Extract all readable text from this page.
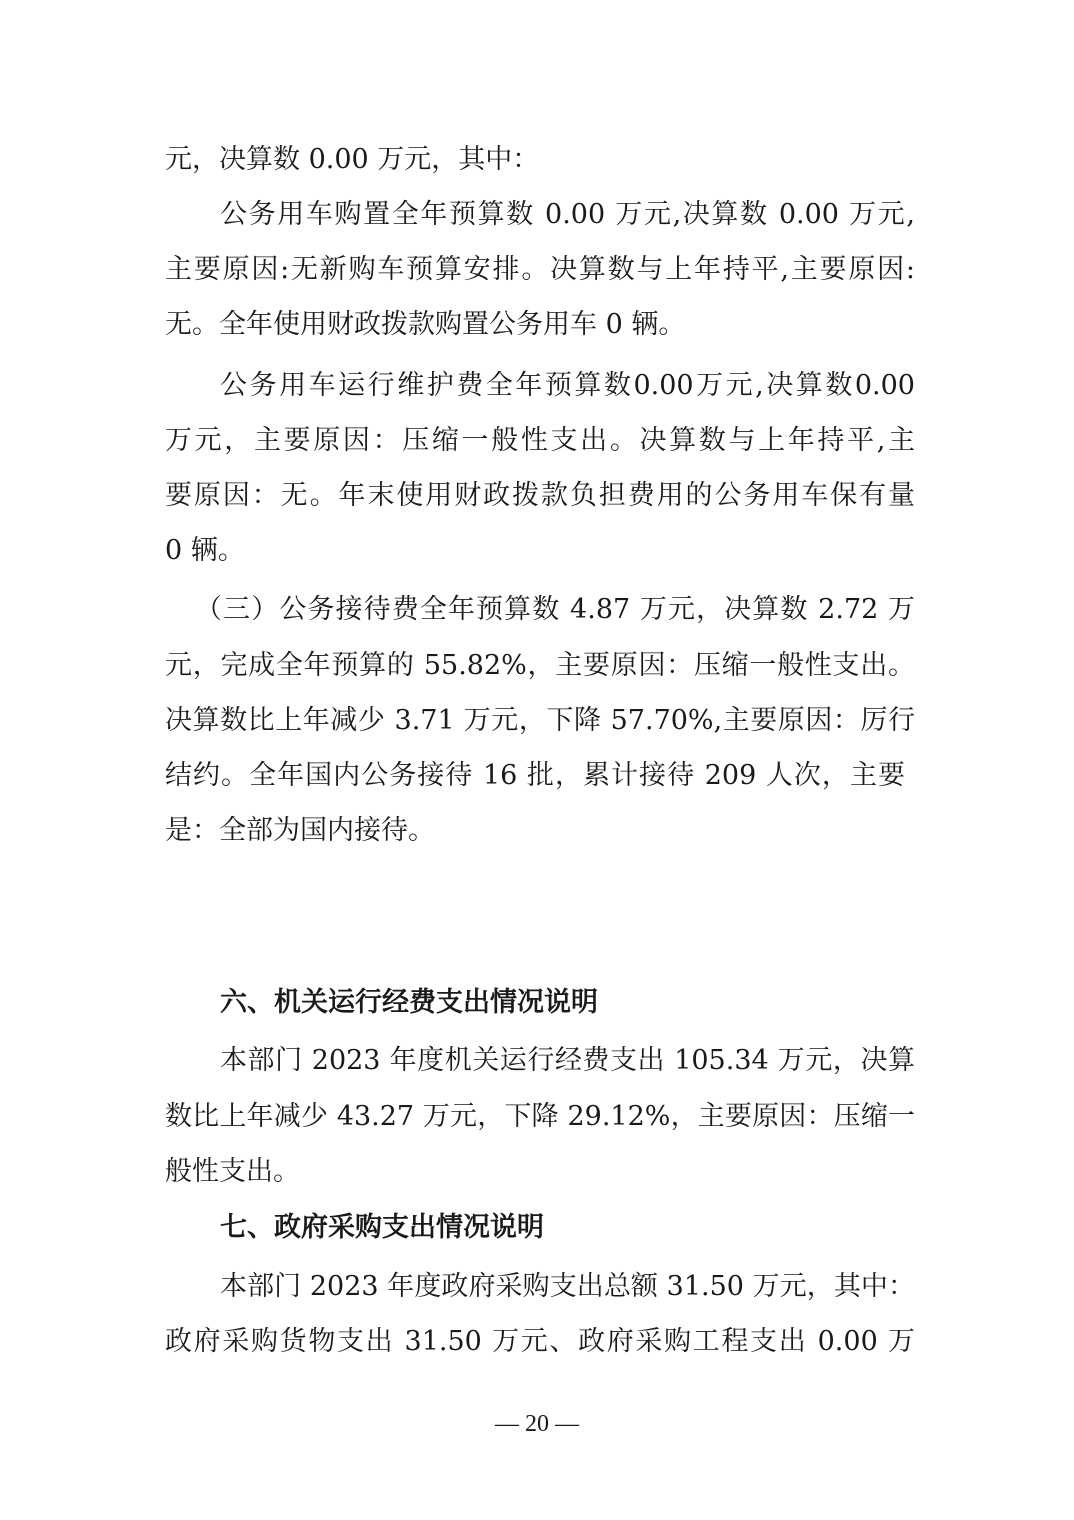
元，决算数 0.00 万元，其中：
公务用车购置全年预算数 0.00 万元,决算数 0.00 万元,
主要原因:无新购车预算安排。决算数与上年持平,主要原因:
无。全年使用财政拨款购置公务用车 0 辆。
公务用车运行维护费全年预算数0.00万元,决算数0.00
万元，主要原因：压缩一般性支出。决算数与上年持平,主
要原因：无。年末使用财政拨款负担费用的公务用车保有量
0 辆。
（三）公务接待费全年预算数 4.87 万元，决算数 2.72 万
元，完成全年预算的 55.82%，主要原因：压缩一般性支出。
决算数比上年减少 3.71 万元，下降 57.70%,主要原因：厉行
结约。全年国内公务接待 16 批，累计接待 209 人次，主要
是：全部为国内接待。
六、机关运行经费支出情况说明
本部门 2023 年度机关运行经费支出 105.34 万元，决算
数比上年减少 43.27 万元，下降 29.12%，主要原因：压缩一
般性支出。
七、政府采购支出情况说明
本部门 2023 年度政府采购支出总额 31.50 万元，其中：
政府采购货物支出 31.50 万元、政府采购工程支出 0.00 万
— 20 —
